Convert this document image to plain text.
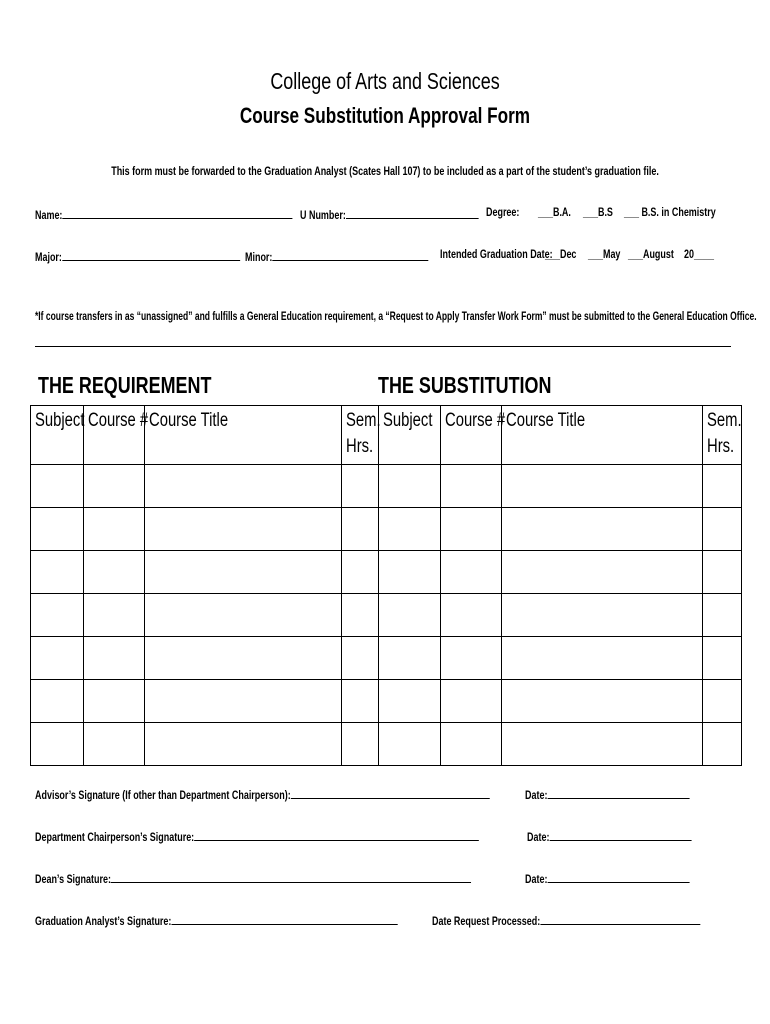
College of Arts and Sciences
Course Substitution Approval Form
This form must be forwarded to the Graduation Analyst (Scates Hall 107) to be included as a part of the student’s graduation file.
Name:	U Number:	Degree:	___B.A.	___B.S ___ B.S. in Chemistry
Major:	Minor:	Intended Graduation Date:
___Dec	___May ___August 20____
*If course transfers in as “unassigned” and fulfills a General Education requirement, a “Request to Apply Transfer Work Form” must be submitted to the General Education Office.
THE REQUIREMENT	THE SUBSTITUTION
Subject	Course #	Course Title	Sem. Hrs.	Subject	Course #	Course Title	Sem. Hrs.

Advisor’s Signature (If other than Department Chairperson):	Date:
Department Chairperson’s Signature:	Date:
Dean’s Signature:	Date:
Graduation Analyst’s Signature:	Date Request Processed:
